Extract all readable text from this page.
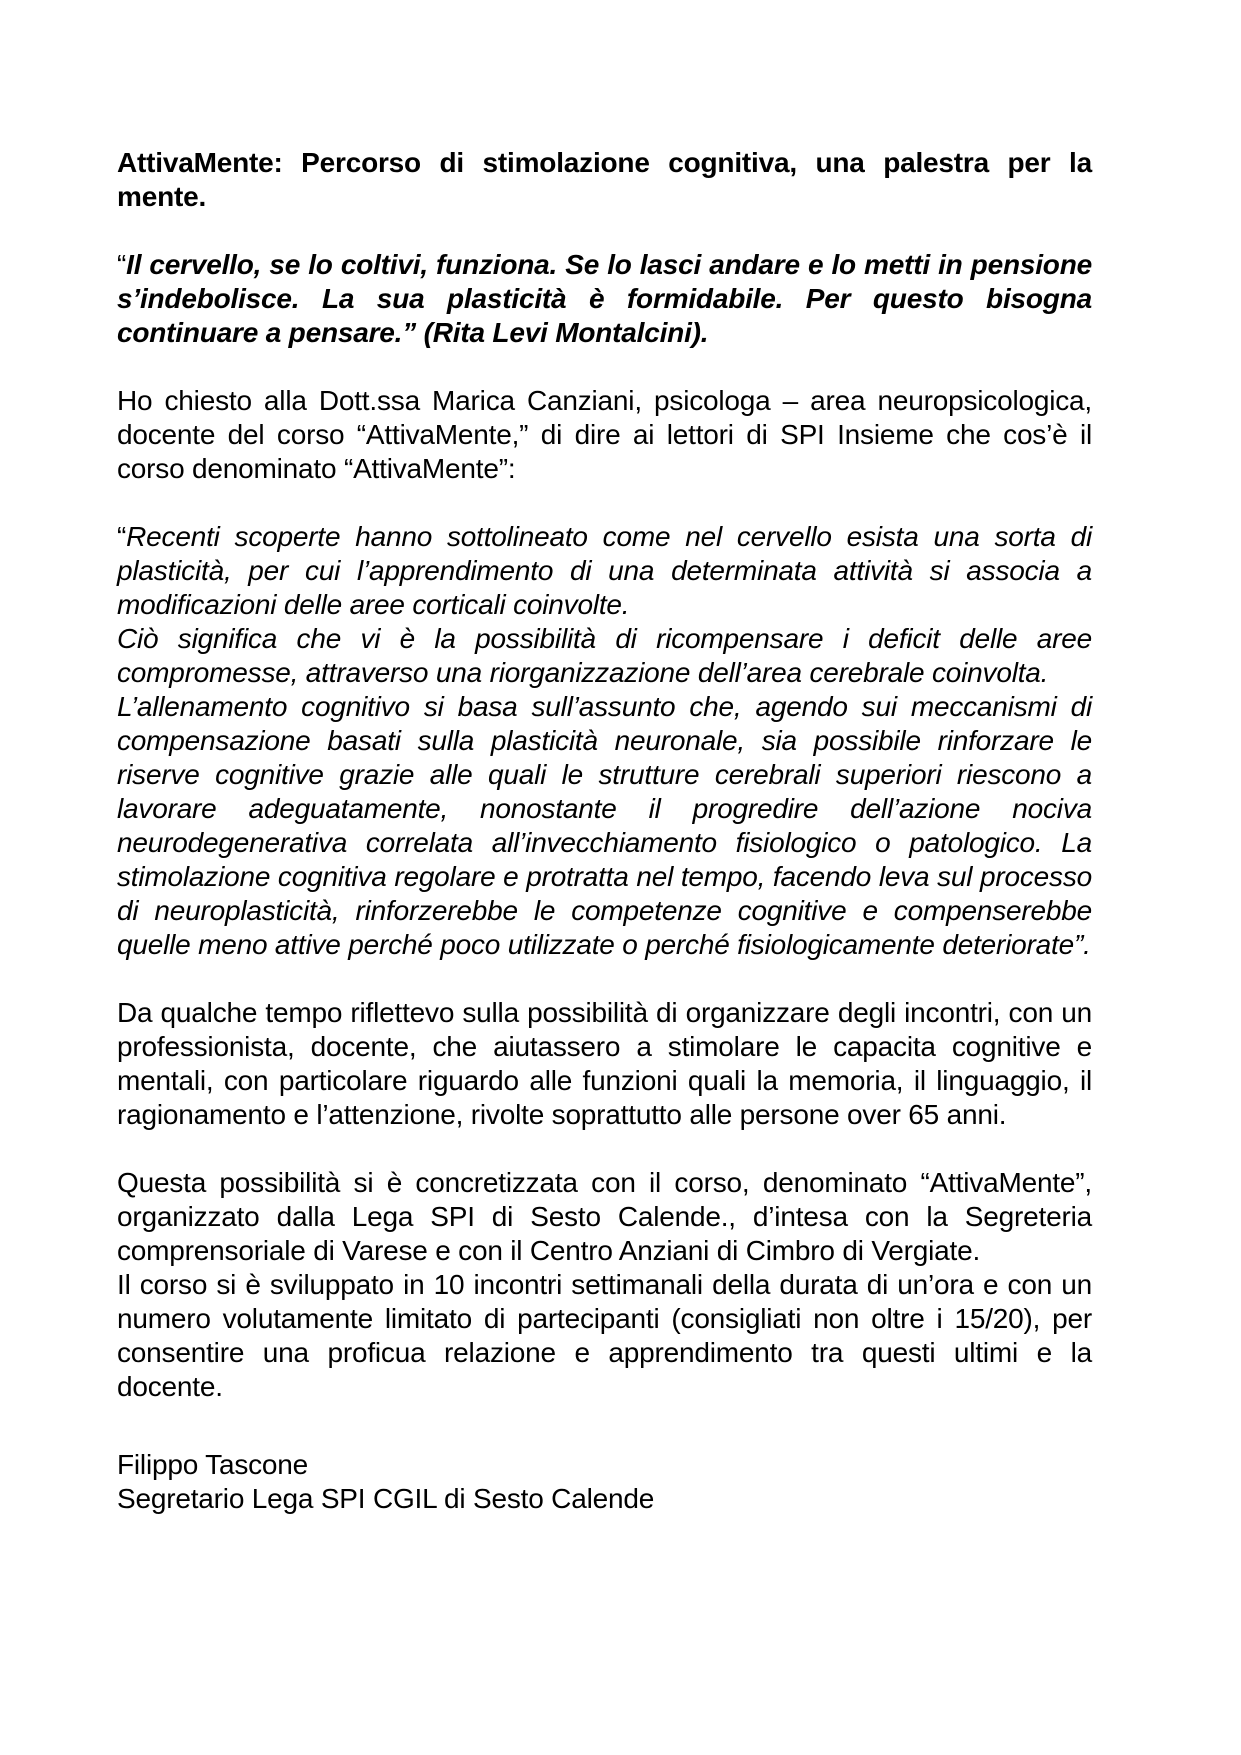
AttivaMente: Percorso di stimolazione cognitiva, una palestra per la mente.
“Il cervello, se lo coltivi, funziona. Se lo lasci andare e lo metti in pensione s’indebolisce. La sua plasticità è formidabile. Per questo bisogna continuare a pensare.” (Rita Levi Montalcini).
Ho chiesto alla Dott.ssa Marica Canziani, psicologa – area neuropsicologica, docente del corso “AttivaMente,” di dire ai lettori di SPI Insieme che cos’è il corso denominato “AttivaMente”:
“Recenti scoperte hanno sottolineato come nel cervello esista una sorta di plasticità, per cui l’apprendimento di una determinata attività si associa a modificazioni delle aree corticali coinvolte.
Ciò significa che vi è la possibilità di ricompensare i deficit delle aree compromesse, attraverso una riorganizzazione dell’area cerebrale coinvolta.
L’allenamento cognitivo si basa sull’assunto che, agendo sui meccanismi di compensazione basati sulla plasticità neuronale, sia possibile rinforzare le riserve cognitive grazie alle quali le strutture cerebrali superiori riescono a lavorare adeguatamente, nonostante il progredire dell’azione nociva neurodegenerativa correlata all’invecchiamento fisiologico o patologico. La stimolazione cognitiva regolare e protratta nel tempo, facendo leva sul processo di neuroplasticità, rinforzerebbe le competenze cognitive e compenserebbe quelle meno attive perché poco utilizzate o perché fisiologicamente deteriorate”.
Da qualche tempo riflettevo sulla possibilità di organizzare degli incontri, con un professionista, docente, che aiutassero a stimolare le capacita cognitive e mentali, con particolare riguardo alle funzioni quali la memoria, il linguaggio, il ragionamento e l’attenzione, rivolte soprattutto alle persone over 65 anni.
Questa possibilità si è concretizzata con il corso, denominato “AttivaMente”, organizzato dalla Lega SPI di Sesto Calende., d’intesa con la Segreteria comprensoriale di Varese e con il Centro Anziani di Cimbro di Vergiate.
Il corso si è sviluppato in 10 incontri settimanali della durata di un’ora e con un numero volutamente limitato di partecipanti (consigliati non oltre i 15/20), per consentire una proficua relazione e apprendimento tra questi ultimi e la docente.
Filippo Tascone
Segretario Lega SPI CGIL di Sesto Calende
